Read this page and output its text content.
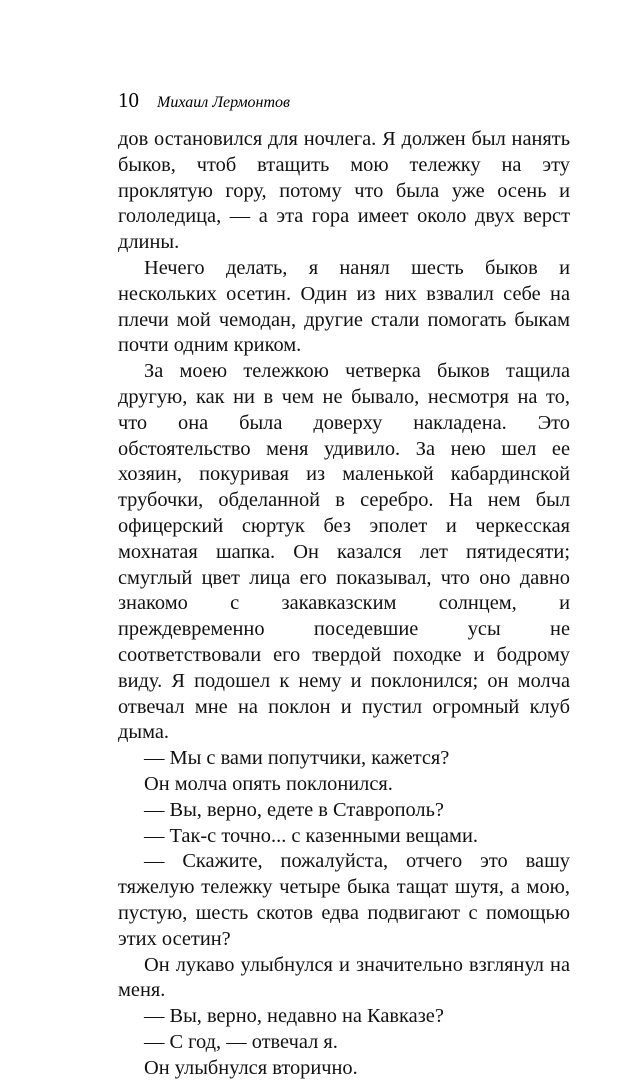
10 Михаил Лермонтов

дов остановился для ночлега. Я должен был нанять быков, чтоб втащить мою тележку на эту проклятую гору, потому что была уже осень и гололедица, — а эта гора имеет около двух верст длины.

Нечего делать, я нанял шесть быков и нескольких осетин. Один из них взвалил себе на плечи мой чемодан, другие стали помогать быкам почти одним криком.

За моею тележкою четверка быков тащила другую, как ни в чем не бывало, несмотря на то, что она была доверху накладена. Это обстоятельство меня удивило. За нею шел ее хозяин, покуривая из маленькой кабардинской трубочки, обделанной в серебро. На нем был офицерский сюртук без эполет и черкесская мохнатая шапка. Он казался лет пятидесяти; смуглый цвет лица его показывал, что оно давно знакомо с закавказским солнцем, и преждевременно поседевшие усы не соответствовали его твердой походке и бодрому виду. Я подошел к нему и поклонился; он молча отвечал мне на поклон и пустил огромный клуб дыма.

— Мы с вами попутчики, кажется?

Он молча опять поклонился.

— Вы, верно, едете в Ставрополь?

— Так-с точно... с казенными вещами.

— Скажите, пожалуйста, отчего это вашу тяжелую тележку четыре быка тащат шутя, а мою, пустую, шесть скотов едва подвигают с помощью этих осетин?

Он лукаво улыбнулся и значительно взглянул на меня.

— Вы, верно, недавно на Кавказе?

— С год, — отвечал я.

Он улыбнулся вторично.
